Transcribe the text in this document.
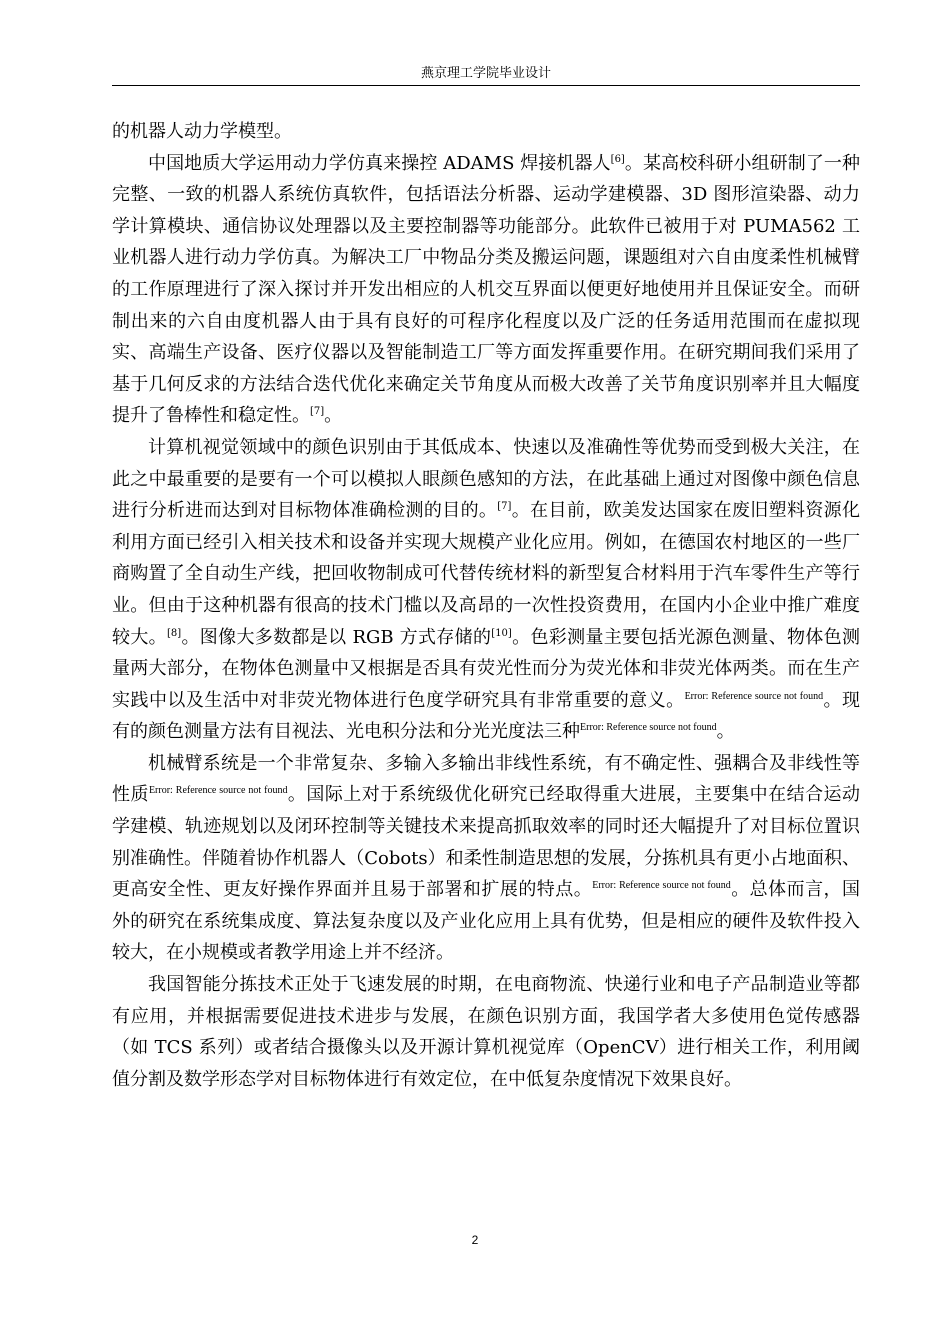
燕京理工学院毕业设计

的机器人动力学模型。

中国地质大学运用动力学仿真来操控 ADAMS 焊接机器人[6]。某高校科研小组研制了一种完整、一致的机器人系统仿真软件，包括语法分析器、运动学建模器、3D 图形渲染器、动力学计算模块、通信协议处理器以及主要控制器等功能部分。此软件已被用于对 PUMA562 工业机器人进行动力学仿真。为解决工厂中物品分类及搬运问题，课题组对六自由度柔性机械臂的工作原理进行了深入探讨并开发出相应的人机交互界面以便更好地使用并且保证安全。而研制出来的六自由度机器人由于具有良好的可程序化程度以及广泛的任务适用范围而在虚拟现实、高端生产设备、医疗仪器以及智能制造工厂等方面发挥重要作用。在研究期间我们采用了基于几何反求的方法结合迭代优化来确定关节角度从而极大改善了关节角度识别率并且大幅度提升了鲁棒性和稳定性。[7]。

计算机视觉领域中的颜色识别由于其低成本、快速以及准确性等优势而受到极大关注，在此之中最重要的是要有一个可以模拟人眼颜色感知的方法，在此基础上通过对图像中颜色信息进行分析进而达到对目标物体准确检测的目的。[7]。在目前，欧美发达国家在废旧塑料资源化利用方面已经引入相关技术和设备并实现大规模产业化应用。例如，在德国农村地区的一些厂商购置了全自动生产线，把回收物制成可代替传统材料的新型复合材料用于汽车零件生产等行业。但由于这种机器有很高的技术门槛以及高昂的一次性投资费用，在国内小企业中推广难度较大。[8]。图像大多数都是以 RGB 方式存储的[10]。色彩测量主要包括光源色测量、物体色测量两大部分，在物体色测量中又根据是否具有荧光性而分为荧光体和非荧光体两类。而在生产实践中以及生活中对非荧光物体进行色度学研究具有非常重要的意义。$^{Error: Reference source not found}$。现有的颜色测量方法有目视法、光电积分法和分光光度法三种$^{Error: Reference source not found}$。

机械臂系统是一个非常复杂、多输入多输出非线性系统，有不确定性、强耦合及非线性等性质$^{Error: Reference source not found}$。国际上对于系统级优化研究已经取得重大进展，主要集中在结合运动学建模、轨迹规划以及闭环控制等关键技术来提高抓取效率的同时还大幅提升了对目标位置识别准确性。伴随着协作机器人（Cobots）和柔性制造思想的发展，分拣机具有更小占地面积、更高安全性、更友好操作界面并且易于部署和扩展的特点。$^{Error: Reference source not found}$。总体而言，国外的研究在系统集成度、算法复杂度以及产业化应用上具有优势，但是相应的硬件及软件投入较大，在小规模或者教学用途上并不经济。

我国智能分拣技术正处于飞速发展的时期，在电商物流、快递行业和电子产品制造业等都有应用，并根据需要促进技术进步与发展，在颜色识别方面，我国学者大多使用色觉传感器（如 TCS 系列）或者结合摄像头以及开源计算机视觉库（OpenCV）进行相关工作，利用阈值分割及数学形态学对目标物体进行有效定位，在中低复杂度情况下效果良好。

2
